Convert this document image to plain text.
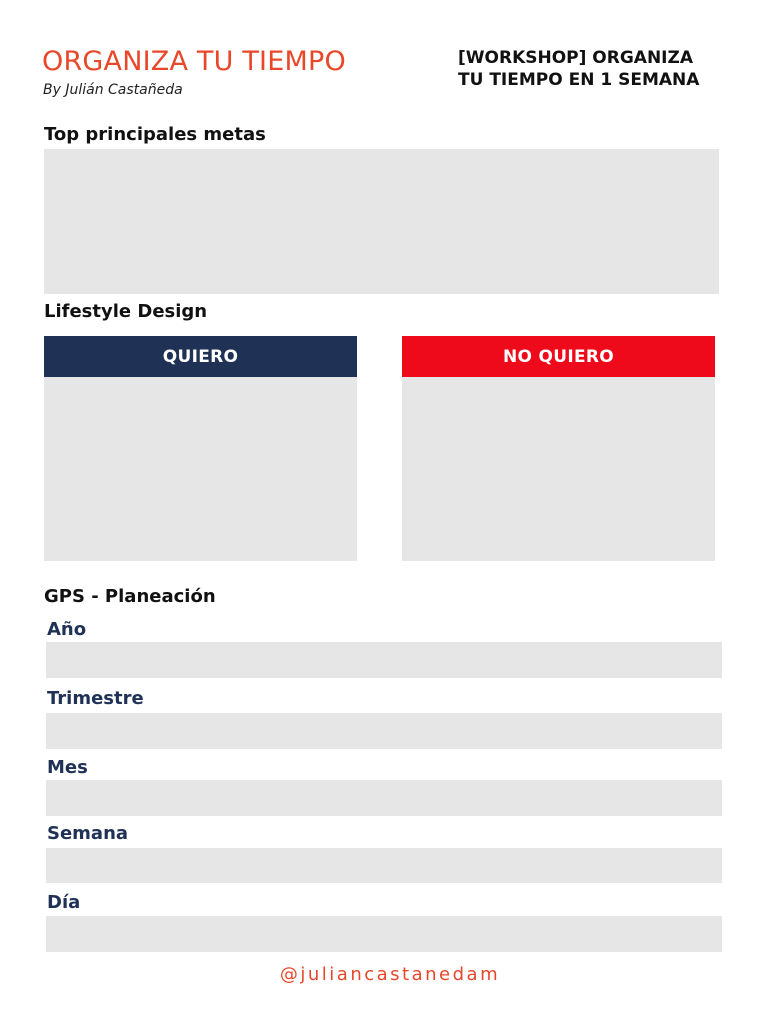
ORGANIZA TU TIEMPO
By Julián Castañeda
[WORKSHOP] ORGANIZA
TU TIEMPO EN 1 SEMANA
Top principales metas
Lifestyle Design
QUIERO	NO QUIERO
GPS - Planeación
Año
Trimestre
Mes
Semana
Día
@juliancastanedam
